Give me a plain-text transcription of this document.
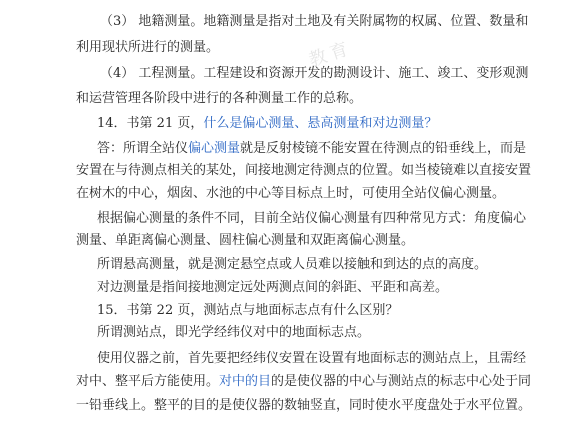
教育
（3） 地籍测量。地籍测量是指对土地及有关附属物的权属、位置、数量和
利用现状所进行的测量。
（4） 工程测量。工程建设和资源开发的勘测设计、施工、竣工、变形观测
和运营管理各阶段中进行的各种测量工作的总称。
14．书第 21 页，什么是偏心测量、悬高测量和对边测量？
答：所谓全站仪偏心测量就是反射棱镜不能安置在待测点的铅垂线上，而是
安置在与待测点相关的某处，间接地测定待测点的位置。如当棱镜难以直接安置
在树木的中心，烟囱、水池的中心等目标点上时，可使用全站仪偏心测量。
根据偏心测量的条件不同，目前全站仪偏心测量有四种常见方式：角度偏心
测量、单距离偏心测量、圆柱偏心测量和双距离偏心测量。
所谓悬高测量，就是测定悬空点或人员难以接触和到达的点的高度。
对边测量是指间接地测定远处两测点间的斜距、平距和高差。
15．书第 22 页，测站点与地面标志点有什么区别？
所谓测站点，即光学经纬仪对中的地面标志点。
使用仪器之前，首先要把经纬仪安置在设置有地面标志的测站点上，且需经
对中、整平后方能使用。对中的目的是使仪器的中心与测站点的标志中心处于同
一铅垂线上。整平的目的是使仪器的数轴竖直，同时使水平度盘处于水平位置。
